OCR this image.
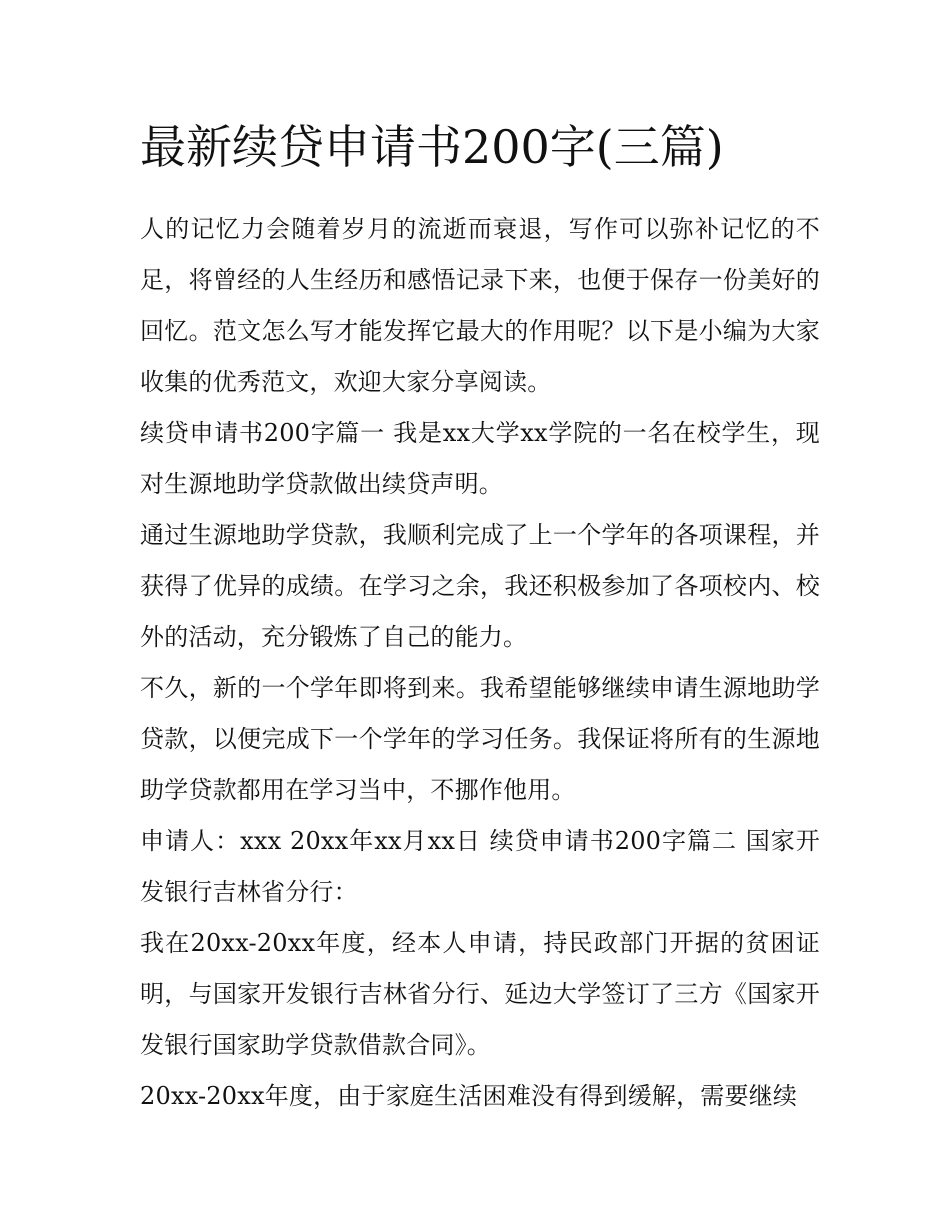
最新续贷申请书200字(三篇)

人的记忆力会随着岁月的流逝而衰退，写作可以弥补记忆的不足，将曾经的人生经历和感悟记录下来，也便于保存一份美好的回忆。范文怎么写才能发挥它最大的作用呢？以下是小编为大家收集的优秀范文，欢迎大家分享阅读。

续贷申请书200字篇一 我是xx大学xx学院的一名在校学生，现对生源地助学贷款做出续贷声明。

通过生源地助学贷款，我顺利完成了上一个学年的各项课程，并获得了优异的成绩。在学习之余，我还积极参加了各项校内、校外的活动，充分锻炼了自己的能力。

不久，新的一个学年即将到来。我希望能够继续申请生源地助学贷款，以便完成下一个学年的学习任务。我保证将所有的生源地助学贷款都用在学习当中，不挪作他用。

申请人：xxx 20xx年xx月xx日 续贷申请书200字篇二 国家开发银行吉林省分行：

我在20xx-20xx年度，经本人申请，持民政部门开据的贫困证明，与国家开发银行吉林省分行、延边大学签订了三方《国家开发银行国家助学贷款借款合同》。

20xx-20xx年度，由于家庭生活困难没有得到缓解，需要继续
